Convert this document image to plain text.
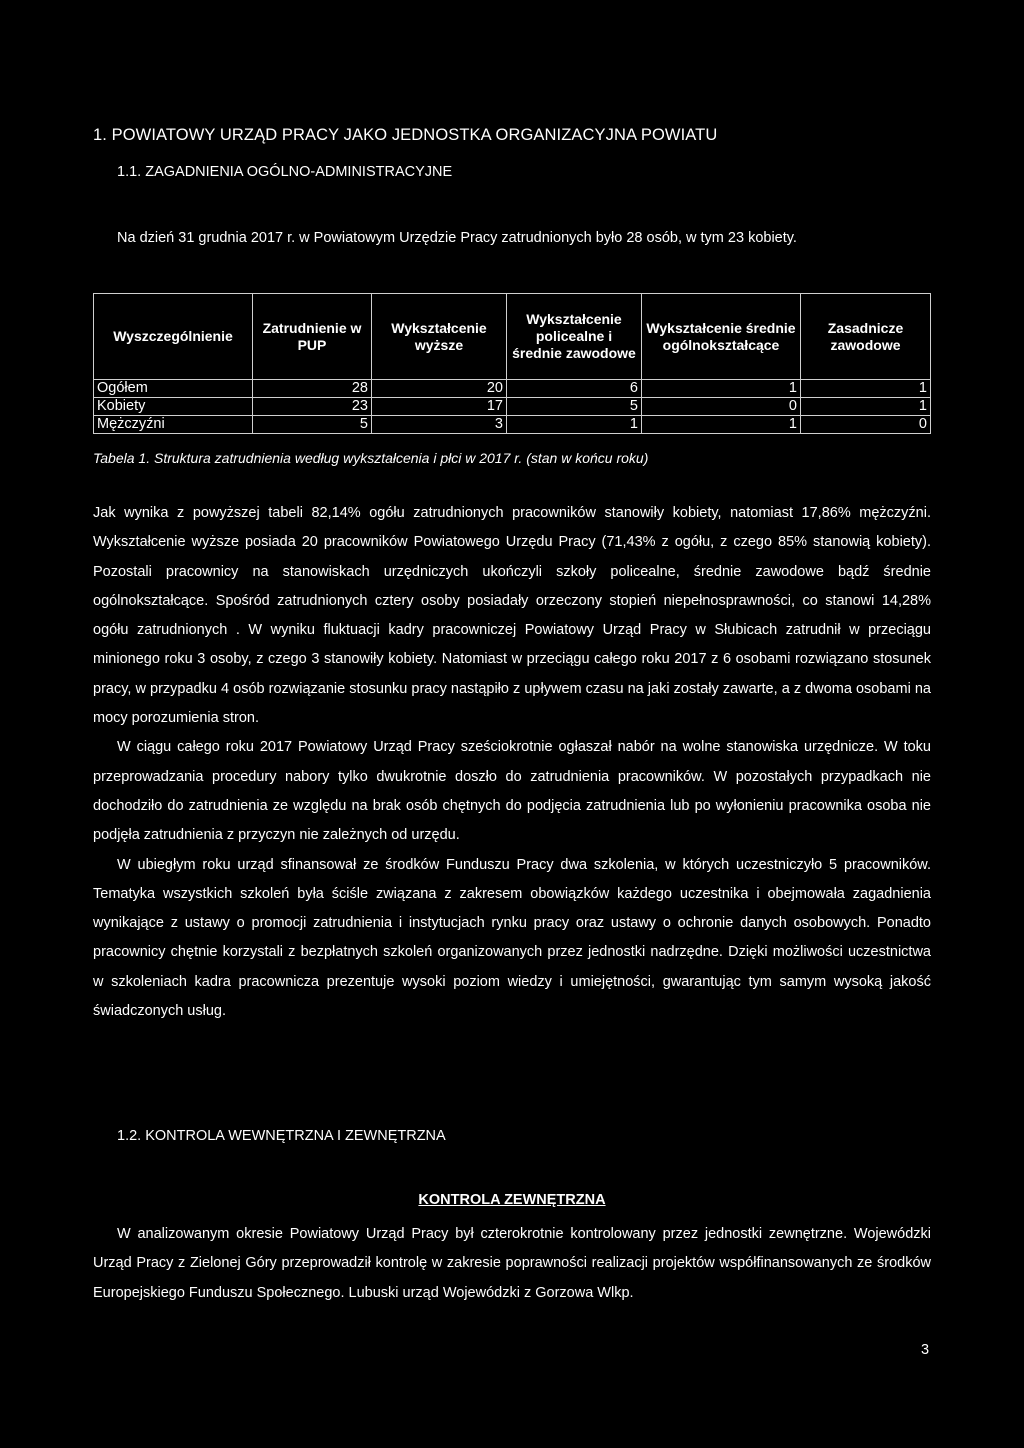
1. POWIATOWY URZĄD PRACY JAKO JEDNOSTKA ORGANIZACYJNA POWIATU
1.1. ZAGADNIENIA OGÓLNO-ADMINISTRACYJNE
Na dzień 31 grudnia 2017 r. w Powiatowym Urzędzie Pracy zatrudnionych było 28 osób, w tym 23 kobiety.
Wyszczególnienie	Zatrudnienie w PUP	Wykształcenie wyższe	Wykształcenie policealne i średnie zawodowe	Wykształcenie średnie ogólnokształcące	Zasadnicze zawodowe
Ogółem	28	20	6	1	1
Kobiety	23	17	5	0	1
Mężczyźni	5	3	1	1	0
Tabela 1. Struktura zatrudnienia według wykształcenia i płci w 2017 r. (stan w końcu roku)

Jak wynika z powyższej tabeli 82,14% ogółu zatrudnionych pracowników stanowiły kobiety, natomiast 17,86% mężczyźni. Wykształcenie wyższe posiada 20 pracowników Powiatowego Urzędu Pracy (71,43% z ogółu, z czego 85% stanowią kobiety). Pozostali pracownicy na stanowiskach urzędniczych ukończyli szkoły policealne, średnie zawodowe bądź średnie ogólnokształcące. Spośród zatrudnionych cztery osoby posiadały orzeczony stopień niepełnosprawności, co stanowi 14,28% ogółu zatrudnionych . W wyniku fluktuacji kadry pracowniczej Powiatowy Urząd Pracy w Słubicach zatrudnił w przeciągu minionego roku 3 osoby, z czego 3 stanowiły kobiety. Natomiast w przeciągu całego roku 2017 z 6 osobami rozwiązano stosunek pracy, w przypadku 4 osób rozwiązanie stosunku pracy nastąpiło z upływem czasu na jaki zostały zawarte, a z dwoma osobami na mocy porozumienia stron.

W ciągu całego roku 2017 Powiatowy Urząd Pracy sześciokrotnie ogłaszał nabór na wolne stanowiska urzędnicze. W toku przeprowadzania procedury nabory tylko dwukrotnie doszło do zatrudnienia pracowników. W pozostałych przypadkach nie dochodziło do zatrudnienia ze względu na brak osób chętnych do podjęcia zatrudnienia lub po wyłonieniu pracownika osoba nie podjęła zatrudnienia z przyczyn nie zależnych od urzędu.

W ubiegłym roku urząd sfinansował ze środków Funduszu Pracy dwa szkolenia, w których uczestniczyło 5 pracowników. Tematyka wszystkich szkoleń była ściśle związana z zakresem obowiązków każdego uczestnika i obejmowała zagadnienia wynikające z ustawy o promocji zatrudnienia i instytucjach rynku pracy oraz ustawy o ochronie danych osobowych. Ponadto pracownicy chętnie korzystali z bezpłatnych szkoleń organizowanych przez jednostki nadrzędne. Dzięki możliwości uczestnictwa w szkoleniach kadra pracownicza prezentuje wysoki poziom wiedzy i umiejętności, gwarantując tym samym wysoką jakość świadczonych usług.

1.2. KONTROLA WEWNĘTRZNA I ZEWNĘTRZNA
KONTROLA ZEWNĘTRZNA

W analizowanym okresie Powiatowy Urząd Pracy był czterokrotnie kontrolowany przez jednostki zewnętrzne. Wojewódzki Urząd Pracy z Zielonej Góry przeprowadził kontrolę w zakresie poprawności realizacji projektów współfinansowanych ze środków Europejskiego Funduszu Społecznego. Lubuski urząd Wojewódzki z Gorzowa Wlkp.

3
